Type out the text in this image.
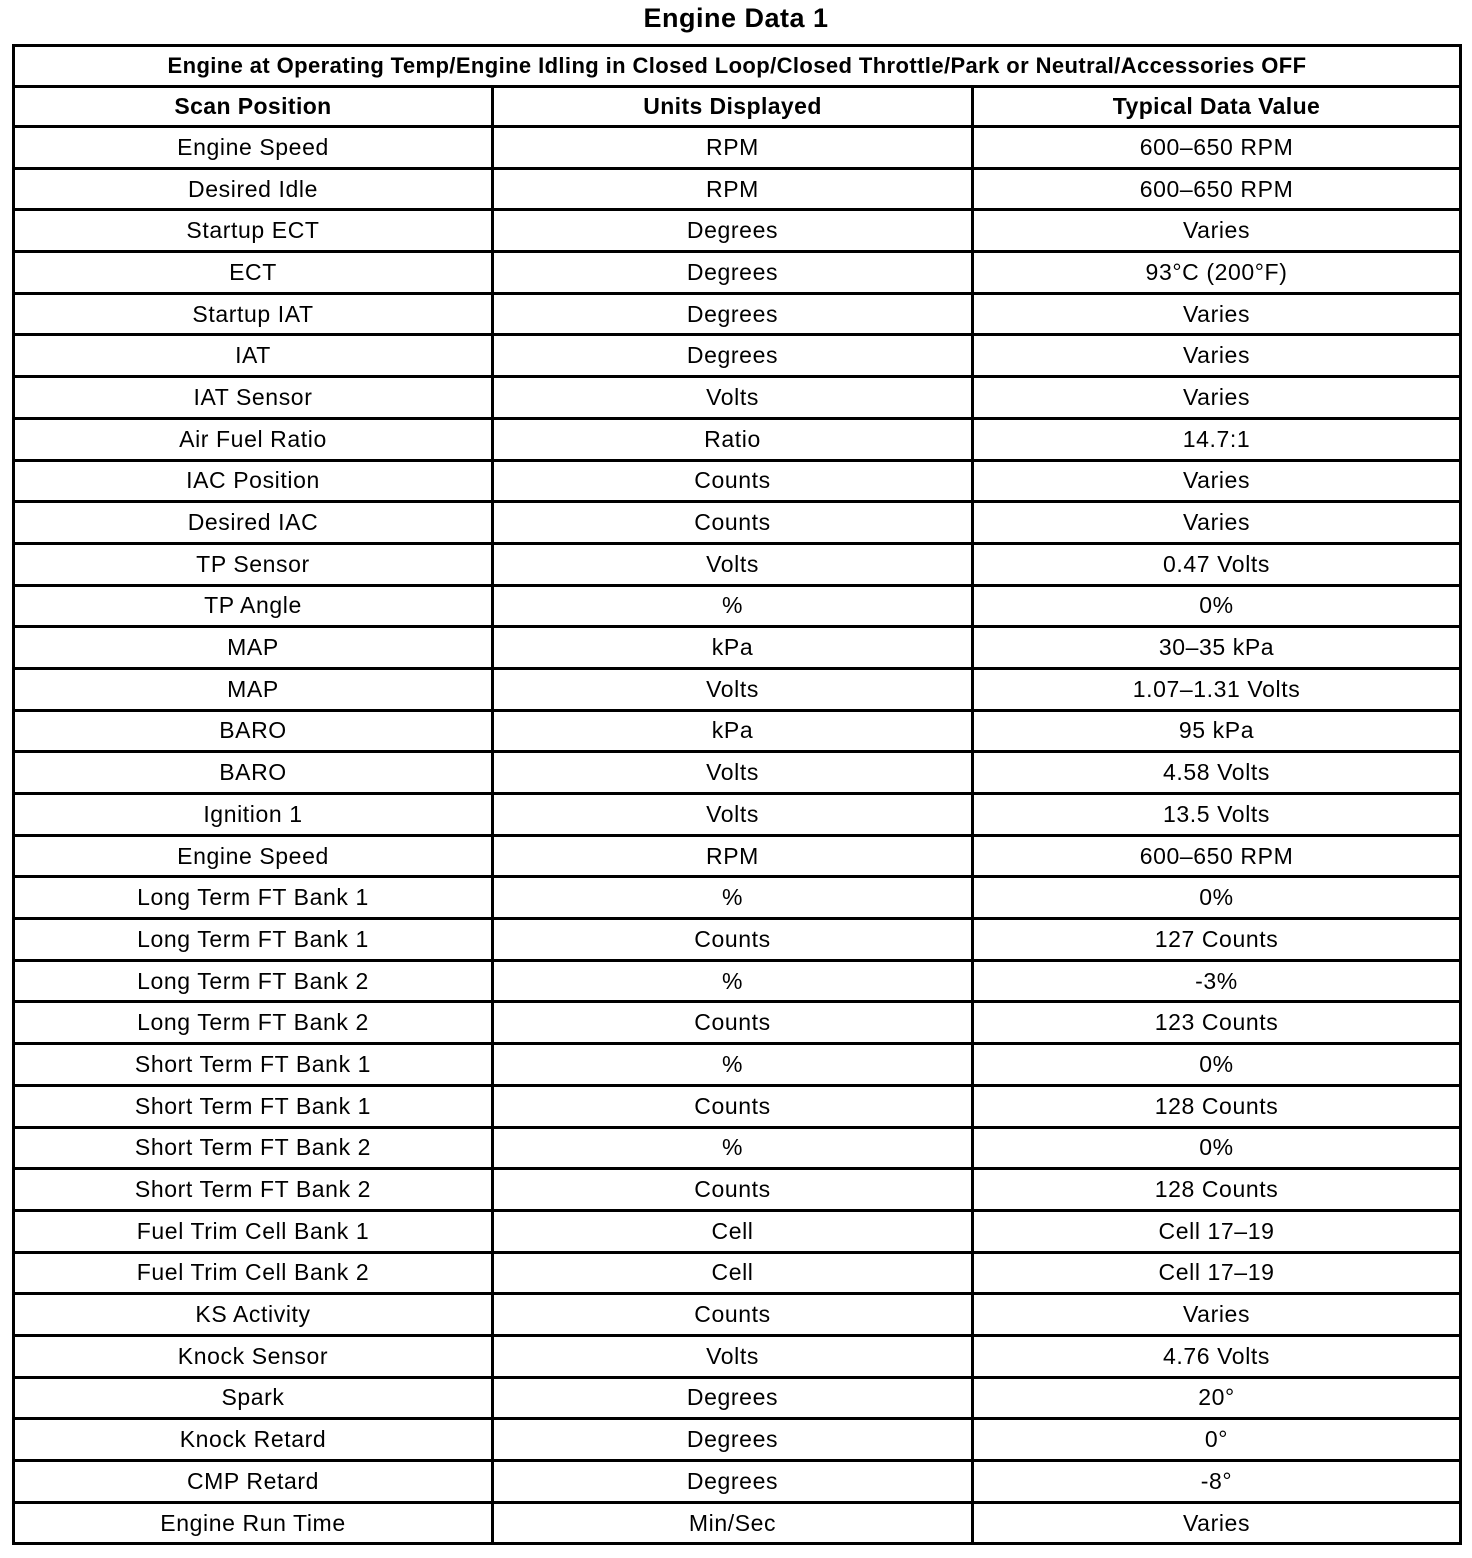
Engine Data 1
Engine at Operating Temp/Engine Idling in Closed Loop/Closed Throttle/Park or Neutral/Accessories OFF		
Scan Position	Units Displayed	Typical Data Value
Engine Speed	RPM	600–650 RPM
Desired Idle	RPM	600–650 RPM
Startup ECT	Degrees	Varies
ECT	Degrees	93°C (200°F)
Startup IAT	Degrees	Varies
IAT	Degrees	Varies
IAT Sensor	Volts	Varies
Air Fuel Ratio	Ratio	14.7:1
IAC Position	Counts	Varies
Desired IAC	Counts	Varies
TP Sensor	Volts	0.47 Volts
TP Angle	%	0%
MAP	kPa	30–35 kPa
MAP	Volts	1.07–1.31 Volts
BARO	kPa	95 kPa
BARO	Volts	4.58 Volts
Ignition 1	Volts	13.5 Volts
Engine Speed	RPM	600–650 RPM
Long Term FT Bank 1	%	0%
Long Term FT Bank 1	Counts	127 Counts
Long Term FT Bank 2	%	-3%
Long Term FT Bank 2	Counts	123 Counts
Short Term FT Bank 1	%	0%
Short Term FT Bank 1	Counts	128 Counts
Short Term FT Bank 2	%	0%
Short Term FT Bank 2	Counts	128 Counts
Fuel Trim Cell Bank 1	Cell	Cell 17–19
Fuel Trim Cell Bank 2	Cell	Cell 17–19
KS Activity	Counts	Varies
Knock Sensor	Volts	4.76 Volts
Spark	Degrees	20°
Knock Retard	Degrees	0°
CMP Retard	Degrees	-8°
Engine Run Time	Min/Sec	Varies
